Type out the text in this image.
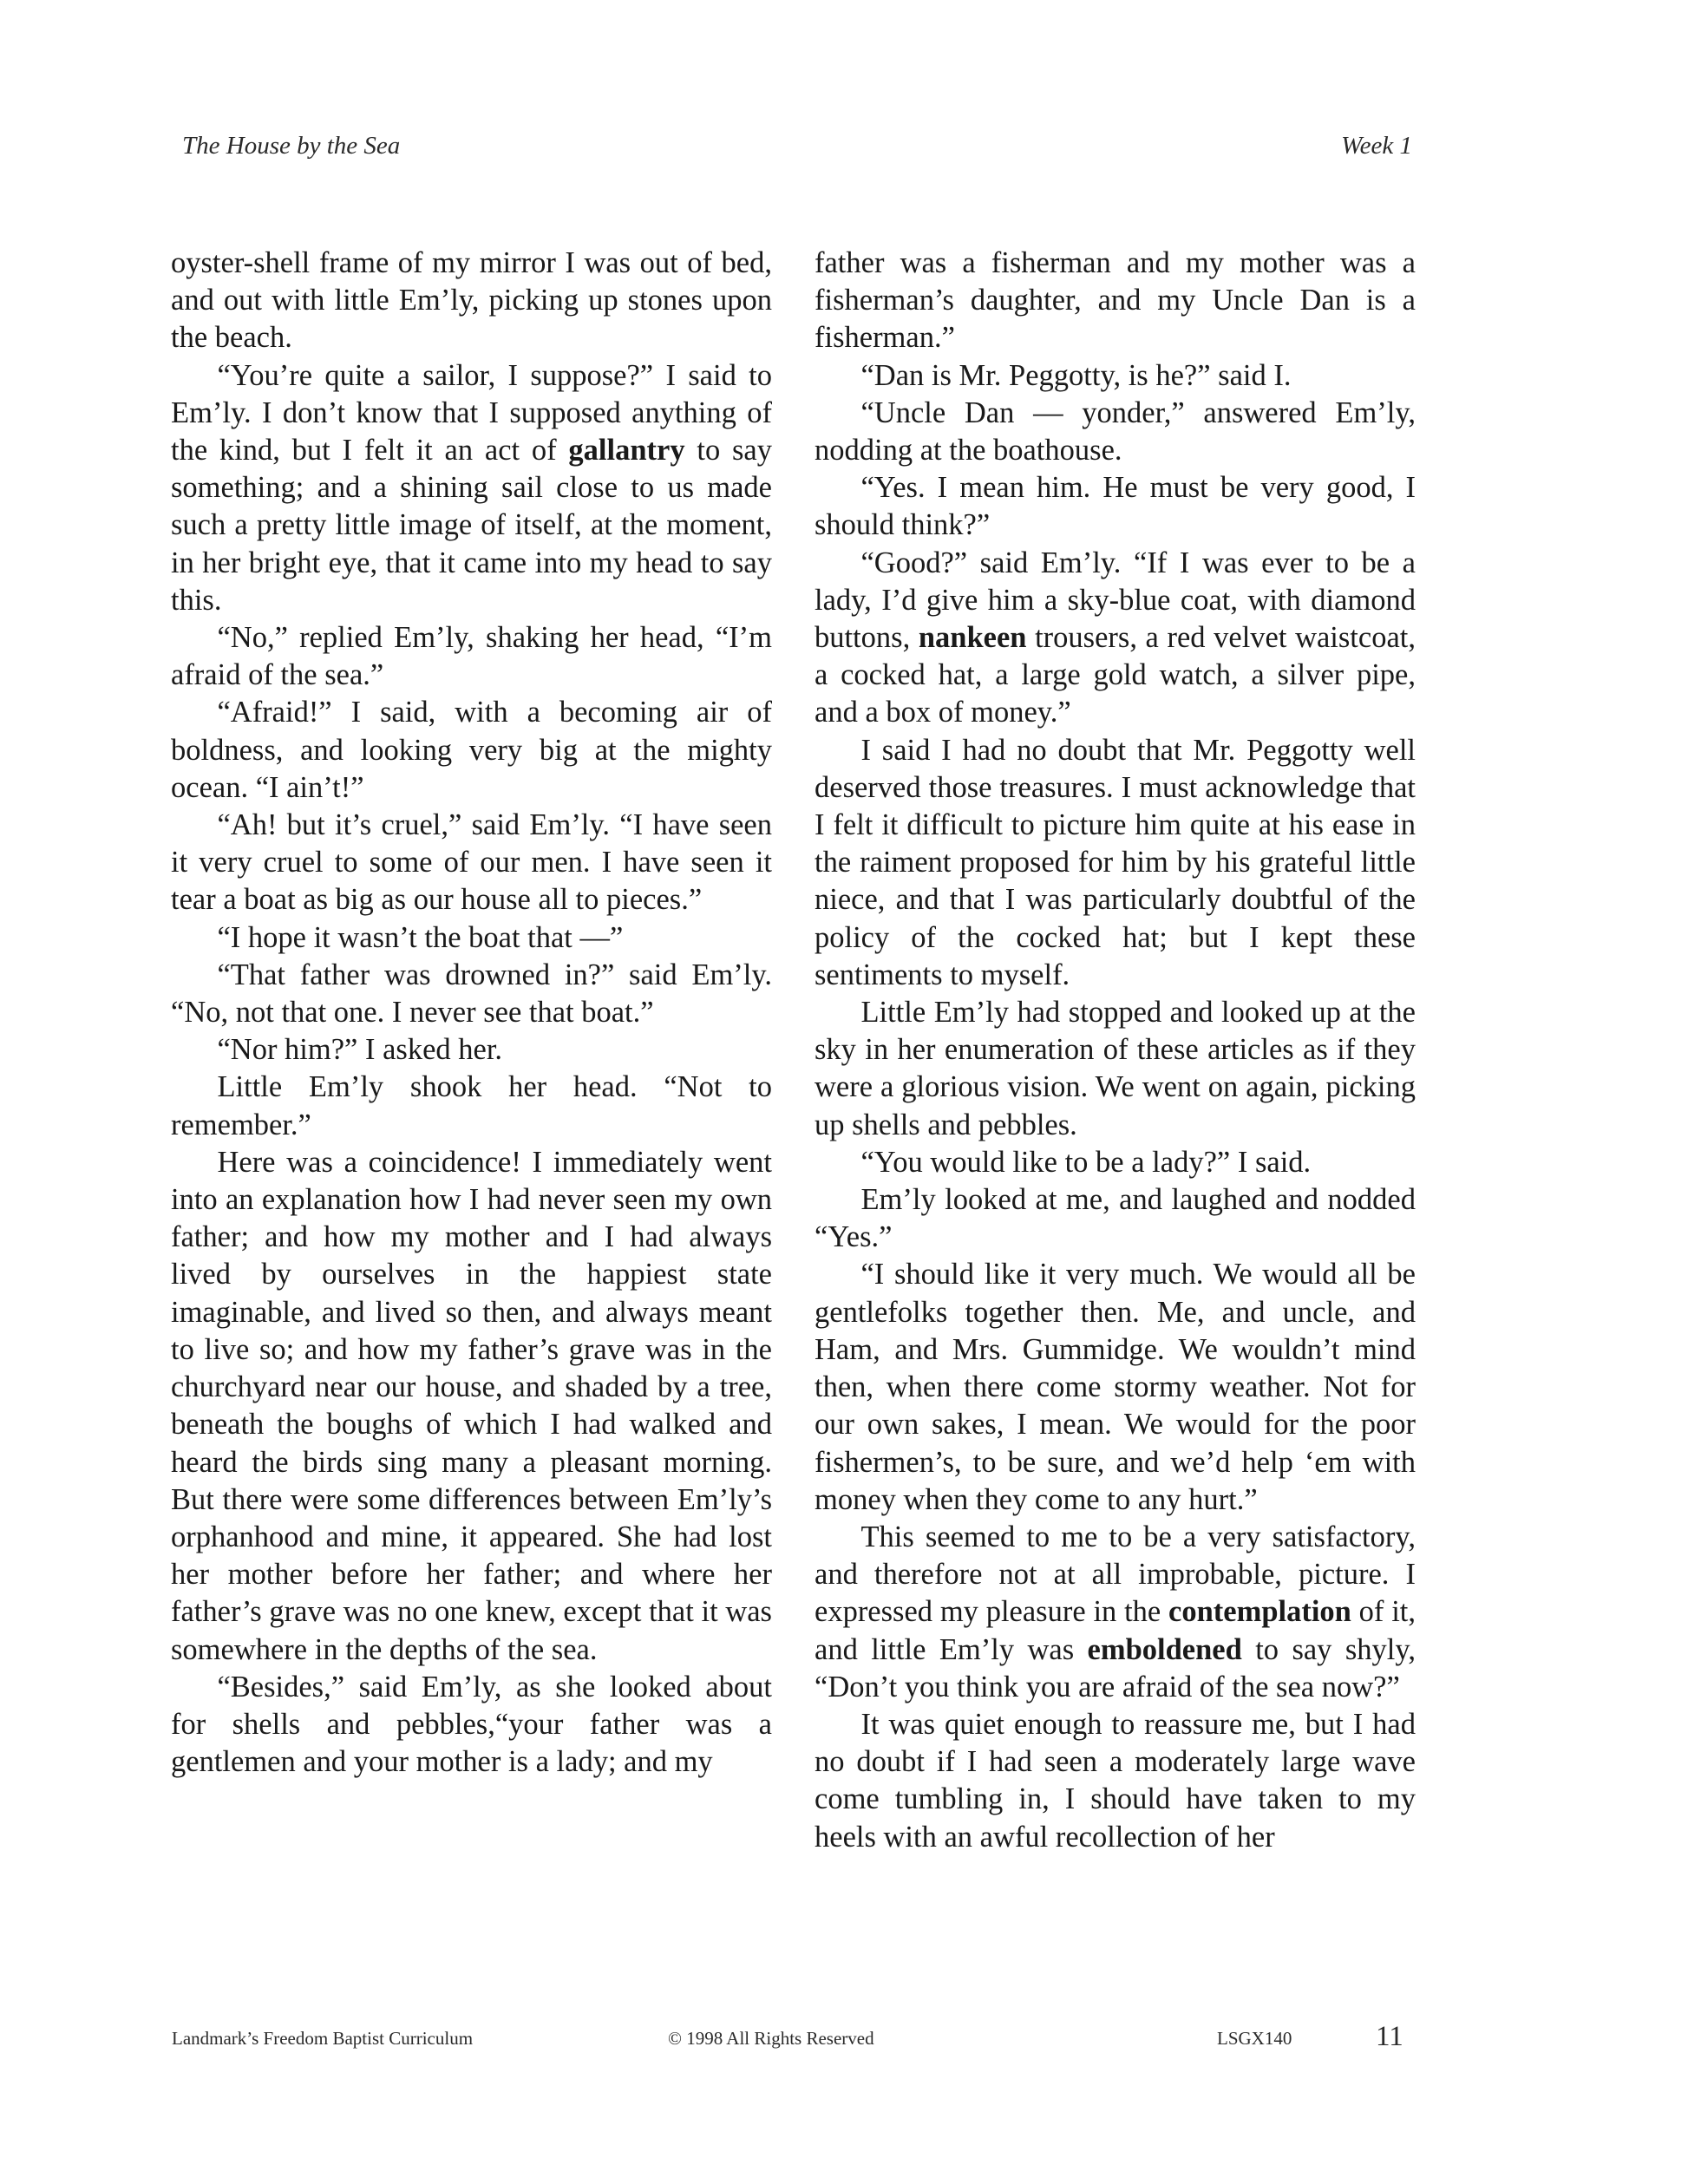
The House by the Sea	Week 1

oyster-shell frame of my mirror I was out of bed, and out with little Em’ly, picking up stones upon the beach.

“You’re quite a sailor, I suppose?” I said to Em’ly. I don’t know that I supposed anything of the kind, but I felt it an act of gallantry to say something; and a shining sail close to us made such a pretty little image of itself, at the moment, in her bright eye, that it came into my head to say this.

“No,” replied Em’ly, shaking her head, “I’m afraid of the sea.”

“Afraid!” I said, with a becoming air of boldness, and looking very big at the mighty ocean. “I ain’t!”

“Ah! but it’s cruel,” said Em’ly. “I have seen it very cruel to some of our men. I have seen it tear a boat as big as our house all to pieces.”

“I hope it wasn’t the boat that —”

“That father was drowned in?” said Em’ly. “No, not that one. I never see that boat.”

“Nor him?” I asked her.

Little Em’ly shook her head. “Not to remember.”

Here was a coincidence! I immediately went into an explanation how I had never seen my own father; and how my mother and I had always lived by ourselves in the happiest state imaginable, and lived so then, and always meant to live so; and how my father’s grave was in the churchyard near our house, and shaded by a tree, beneath the boughs of which I had walked and heard the birds sing many a pleasant morning. But there were some differences between Em’ly’s orphanhood and mine, it appeared. She had lost her mother before her father; and where her father’s grave was no one knew, except that it was somewhere in the depths of the sea.

“Besides,” said Em’ly, as she looked about for shells and pebbles,“your father was a gentlemen and your mother is a lady; and my

father was a fisherman and my mother was a fisherman’s daughter, and my Uncle Dan is a fisherman.”

“Dan is Mr. Peggotty, is he?” said I.

“Uncle Dan — yonder,” answered Em’ly, nodding at the boathouse.

“Yes. I mean him. He must be very good, I should think?”

“Good?” said Em’ly. “If I was ever to be a lady, I’d give him a sky-blue coat, with diamond buttons, nankeen trousers, a red velvet waistcoat, a cocked hat, a large gold watch, a silver pipe, and a box of money.”

I said I had no doubt that Mr. Peggotty well deserved those treasures. I must acknowledge that I felt it difficult to picture him quite at his ease in the raiment proposed for him by his grateful little niece, and that I was particularly doubtful of the policy of the cocked hat; but I kept these sentiments to myself.

Little Em’ly had stopped and looked up at the sky in her enumeration of these articles as if they were a glorious vision. We went on again, picking up shells and pebbles.

“You would like to be a lady?” I said.

Em’ly looked at me, and laughed and nodded “Yes.”

“I should like it very much. We would all be gentlefolks together then. Me, and uncle, and Ham, and Mrs. Gummidge. We wouldn’t mind then, when there come stormy weather. Not for our own sakes, I mean. We would for the poor fishermen’s, to be sure, and we’d help ‘em with money when they come to any hurt.”

This seemed to me to be a very satisfactory, and therefore not at all improbable, picture. I expressed my pleasure in the contemplation of it, and little Em’ly was emboldened to say shyly, “Don’t you think you are afraid of the sea now?”

It was quiet enough to reassure me, but I had no doubt if I had seen a moderately large wave come tumbling in, I should have taken to my heels with an awful recollection of her

Landmark’s Freedom Baptist Curriculum	© 1998 All Rights Reserved	LSGX140	11
